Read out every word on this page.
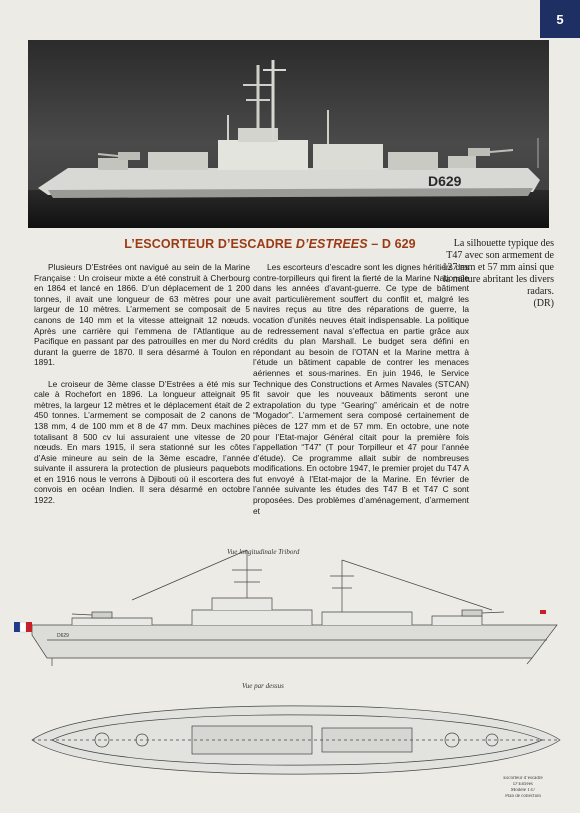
5
D629
L’ESCORTEUR D’ESCADRE D’ESTREES – D 629	La silhouette typique des T47 avec son armement de 127 mm et 57 mm ainsi que la mâture abritant les divers radars.
(DR)

Plusieurs D’Estrées ont navigué au sein de la Marine Française : Un croiseur mixte a été construit à Cherbourg en 1864 et lancé en 1866. D’un déplacement de 1 200 tonnes, il avait une longueur de 63 mètres pour une largeur de 10 mètres. L’armement se composait de 5 canons de 140 mm et la vitesse atteignait 12 nœuds. Après une carrière qui l’emmena de l’Atlantique au Pacifique en passant par des patrouilles en mer du Nord durant la guerre de 1870. Il sera désarmé à Toulon en 1891.

Le croiseur de 3ème classe D’Estrées a été mis sur cale à Rochefort en 1896. La longueur atteignait 95 mètres, la largeur 12 mètres et le déplacement était de 2 450 tonnes. L’armement se composait de 2 canons de 138 mm, 4 de 100 mm et 8 de 47 mm. Deux machines totalisant 8 500 cv lui assuraient une vitesse de 20 nœuds. En mars 1915, il sera stationné sur les côtes d’Asie mineure au sein de la 3ème escadre, l’année suivante il assurera la protection de plusieurs paquebots et en 1916 nous le verrons à Djibouti où il escortera des convois en océan Indien. Il sera désarmé en octobre 1922.

Les escorteurs d’escadre sont les dignes héritiers des contre-torpilleurs qui firent la fierté de la Marine Nationale dans les années d’avant-guerre. Ce type de bâtiment avait particulièrement souffert du conflit et, malgré les navires reçus au titre des réparations de guerre, la vocation d’unités neuves était indispensable. La politique de redressement naval s’effectua en partie grâce aux crédits du plan Marshall. Le budget sera défini en répondant au besoin de l’OTAN et la Marine mettra à l’étude un bâtiment capable de contrer les menaces aériennes et sous-marines. En juin 1946, le Service Technique des Constructions et Armes Navales (STCAN) fit savoir que les nouveaux bâtiments seront une extrapolation du type “Gearing” américain et de notre “Mogador”. L’armement sera composé certainement de pièces de 127 mm et de 57 mm. En octobre, une note pour l’Etat-major Général citait pour la première fois l’appellation “T47” (T pour Torpilleur et 47 pour l’année d’étude). Ce programme allait subir de nombreuses modifications. En octobre 1947, le premier projet du T47 A fut envoyé à l’Etat-major de la Marine. En février de l’année suivante les études des T47 B et T47 C sont proposées. Des problèmes d’aménagement, d’armement et

Vue longitudinale Tribord
Vue par dessus
D629
Escorteur d’escadre
D’Estrées
Modèle T47
Plan de collection
